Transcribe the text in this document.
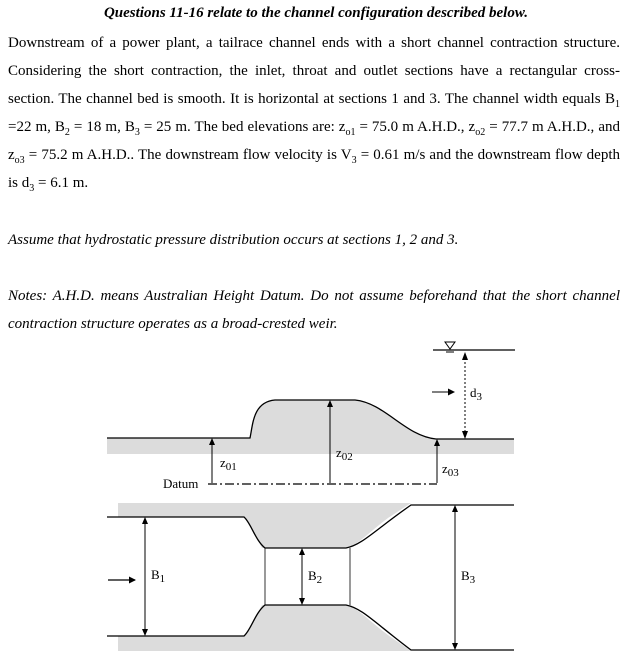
Questions 11-16 relate to the channel configuration described below.

Downstream of a power plant, a tailrace channel ends with a short channel contraction structure. Considering the short contraction, the inlet, throat and outlet sections have a rectangular cross-section. The channel bed is smooth. It is horizontal at sections 1 and 3. The channel width equals $B_1 =22$ m, $B_2 = 18$ m, $B_3 = 25$ m. The bed elevations are: $z_{o1} = 75.0$ m A.H.D., $z_{o2} = 77.7$ m A.H.D., and $z_{o3} = 75.2$ m A.H.D.. The downstream flow velocity is $V_3 = 0.61$ m/s and the downstream flow depth is $d_3 = 6.1$ m.

Assume that hydrostatic pressure distribution occurs at sections 1, 2 and 3.

Notes: A.H.D. means Australian Height Datum. Do not assume beforehand that the short channel contraction structure operates as a broad-crested weir.

Datum
$d_3$
$z_{01}$
$z_{02}$
$z_{03}$
$B_1$	$B_2$	$B_3$
